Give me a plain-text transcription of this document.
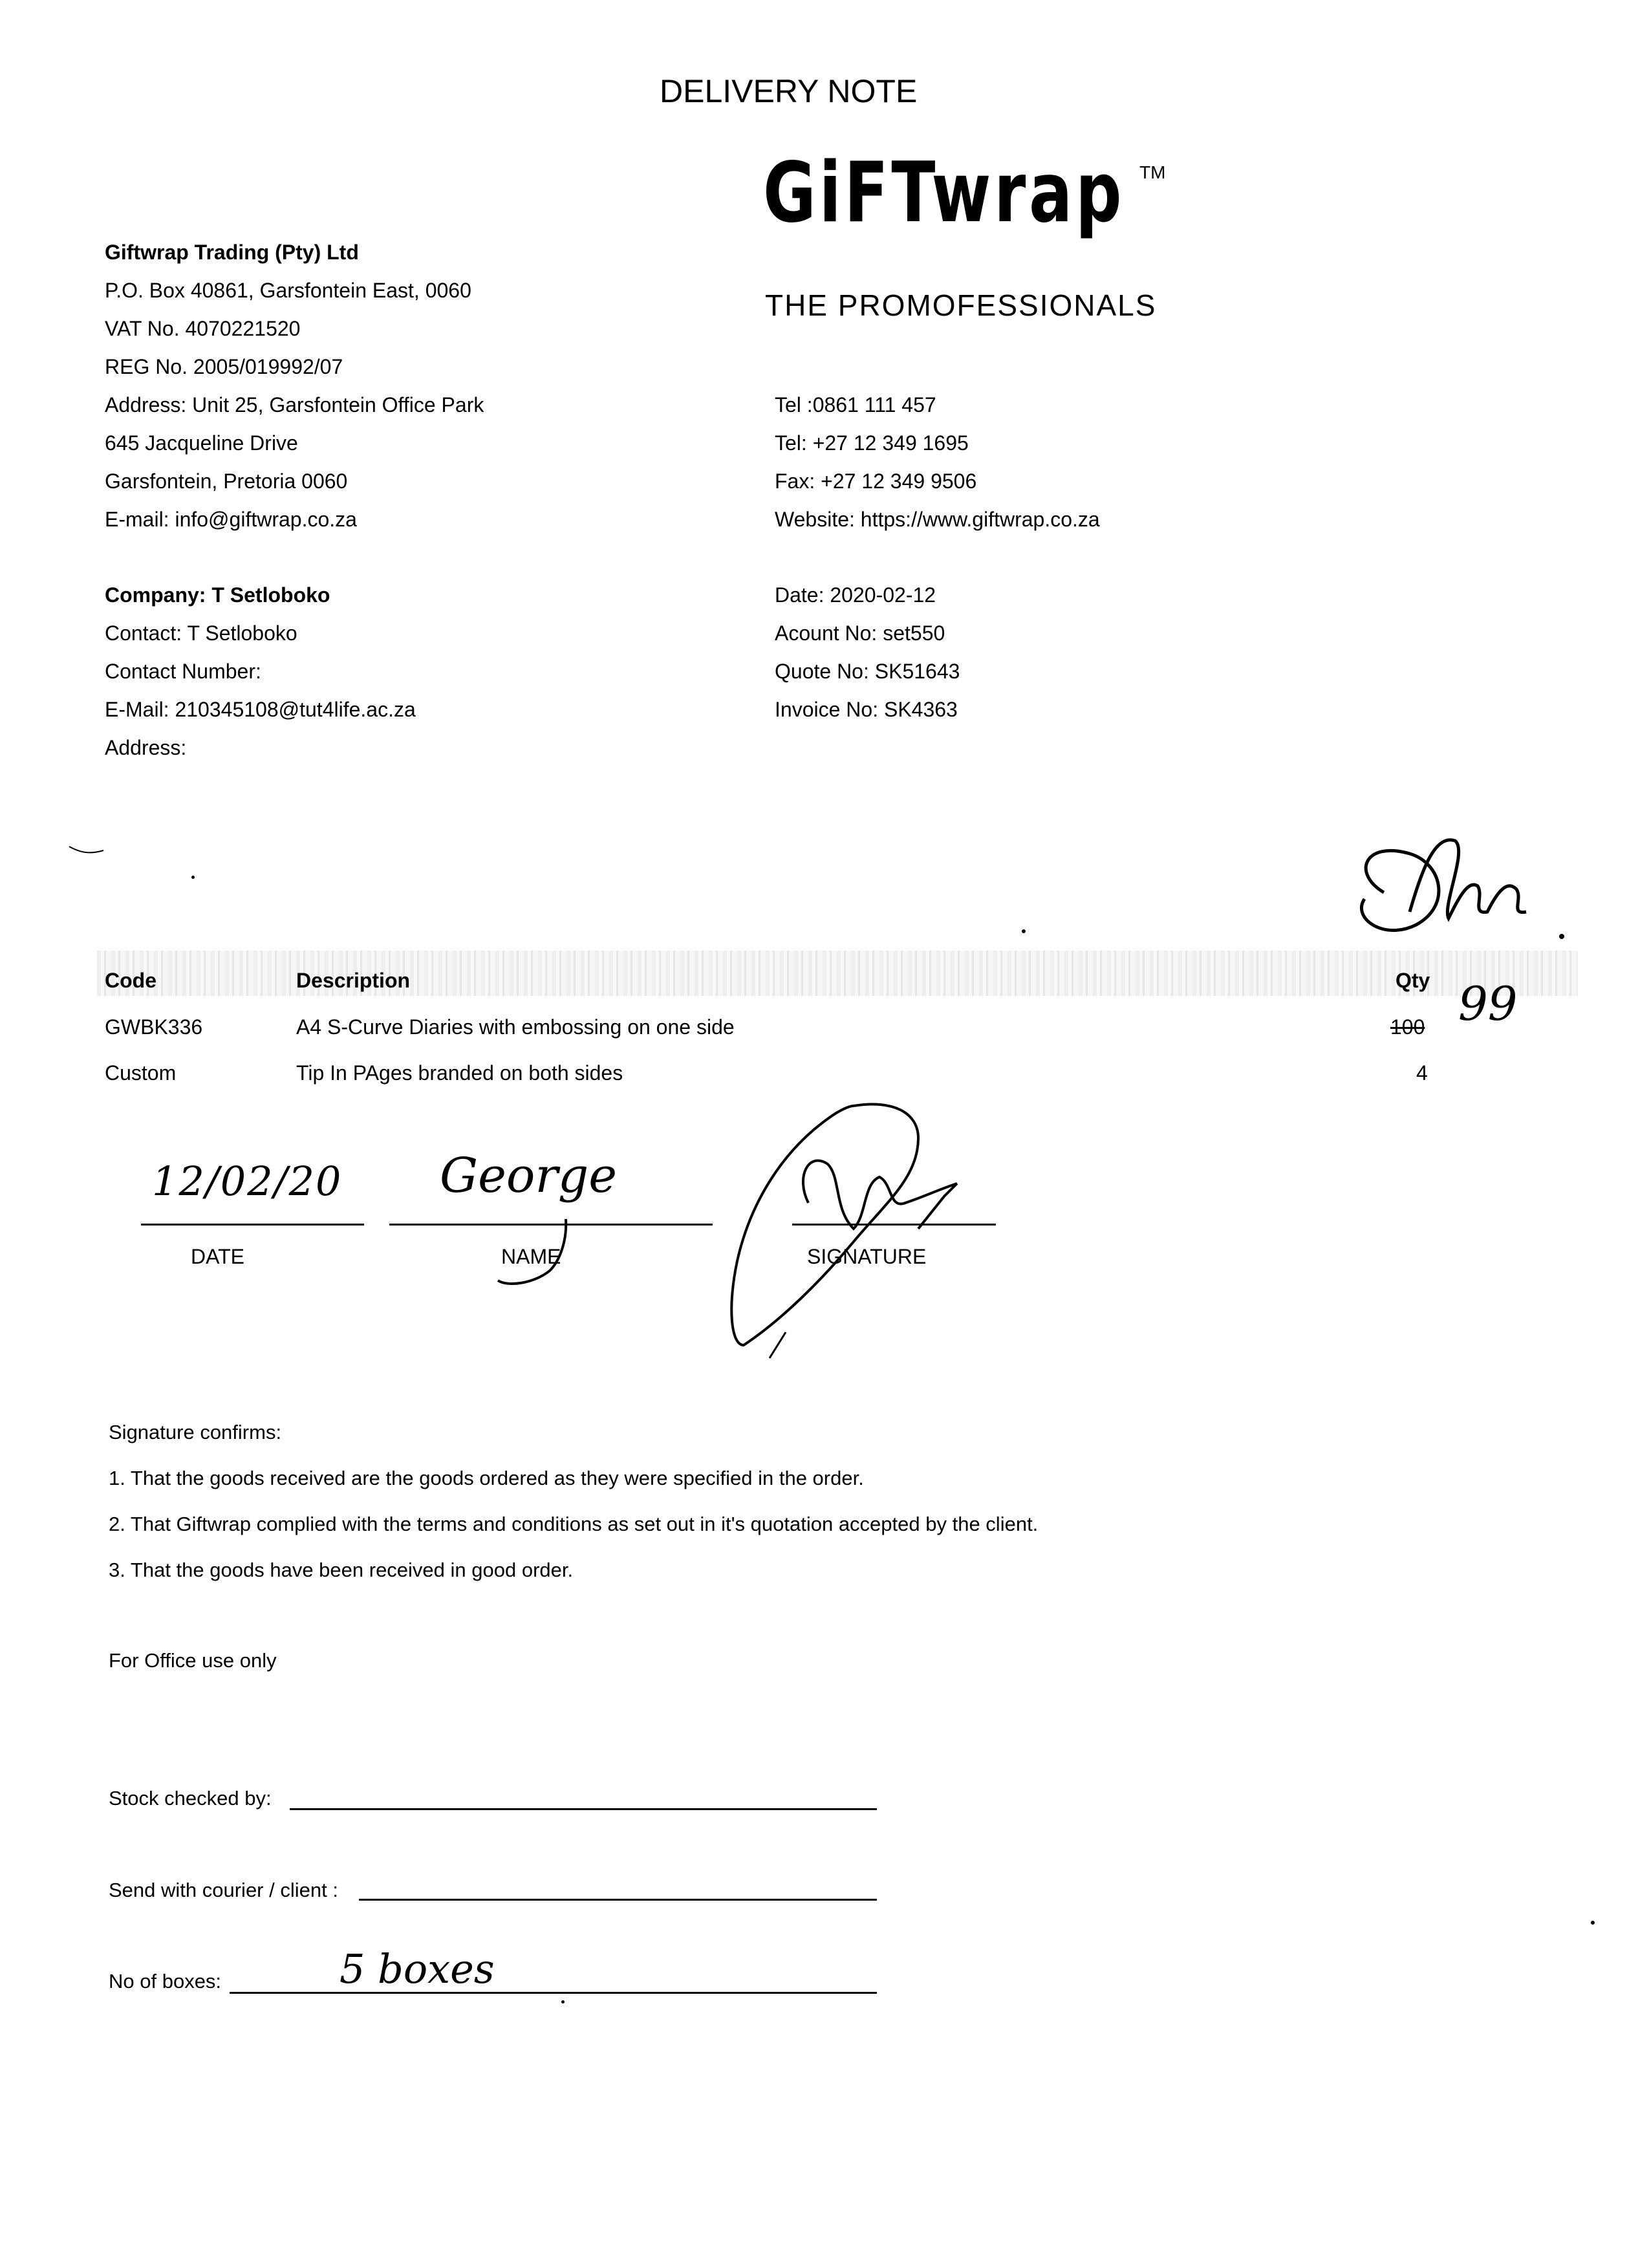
DELIVERY NOTE
GiFTwrap TM
THE PROMOFESSIONALS
Giftwrap Trading (Pty) Ltd
P.O. Box 40861, Garsfontein East, 0060
VAT No. 4070221520
REG No. 2005/019992/07
Address: Unit 25, Garsfontein Office Park
645 Jacqueline Drive
Garsfontein, Pretoria 0060
E-mail: info@giftwrap.co.za
Tel :0861 111 457
Tel: +27 12 349 1695
Fax: +27 12 349 9506
Website: https://www.giftwrap.co.za
Company: T Setloboko
Contact: T Setloboko
Contact Number:
E-Mail: 210345108@tut4life.ac.za
Address:
Date: 2020-02-12
Acount No: set550
Quote No: SK51643
Invoice No: SK4363
Code	Description	Qty
GWBK336	A4 S-Curve Diaries with embossing on one side	100 99
Custom	Tip In PAges branded on both sides	4
12/02/20
DATE
George
NAME	SIGNATURE
Signature confirms:
1. That the goods received are the goods ordered as they were specified in the order.
2. That Giftwrap complied with the terms and conditions as set out in it's quotation accepted by the client.
3. That the goods have been received in good order.
For Office use only
Stock checked by:
Send with courier / client :
No of boxes:	5 boxes
